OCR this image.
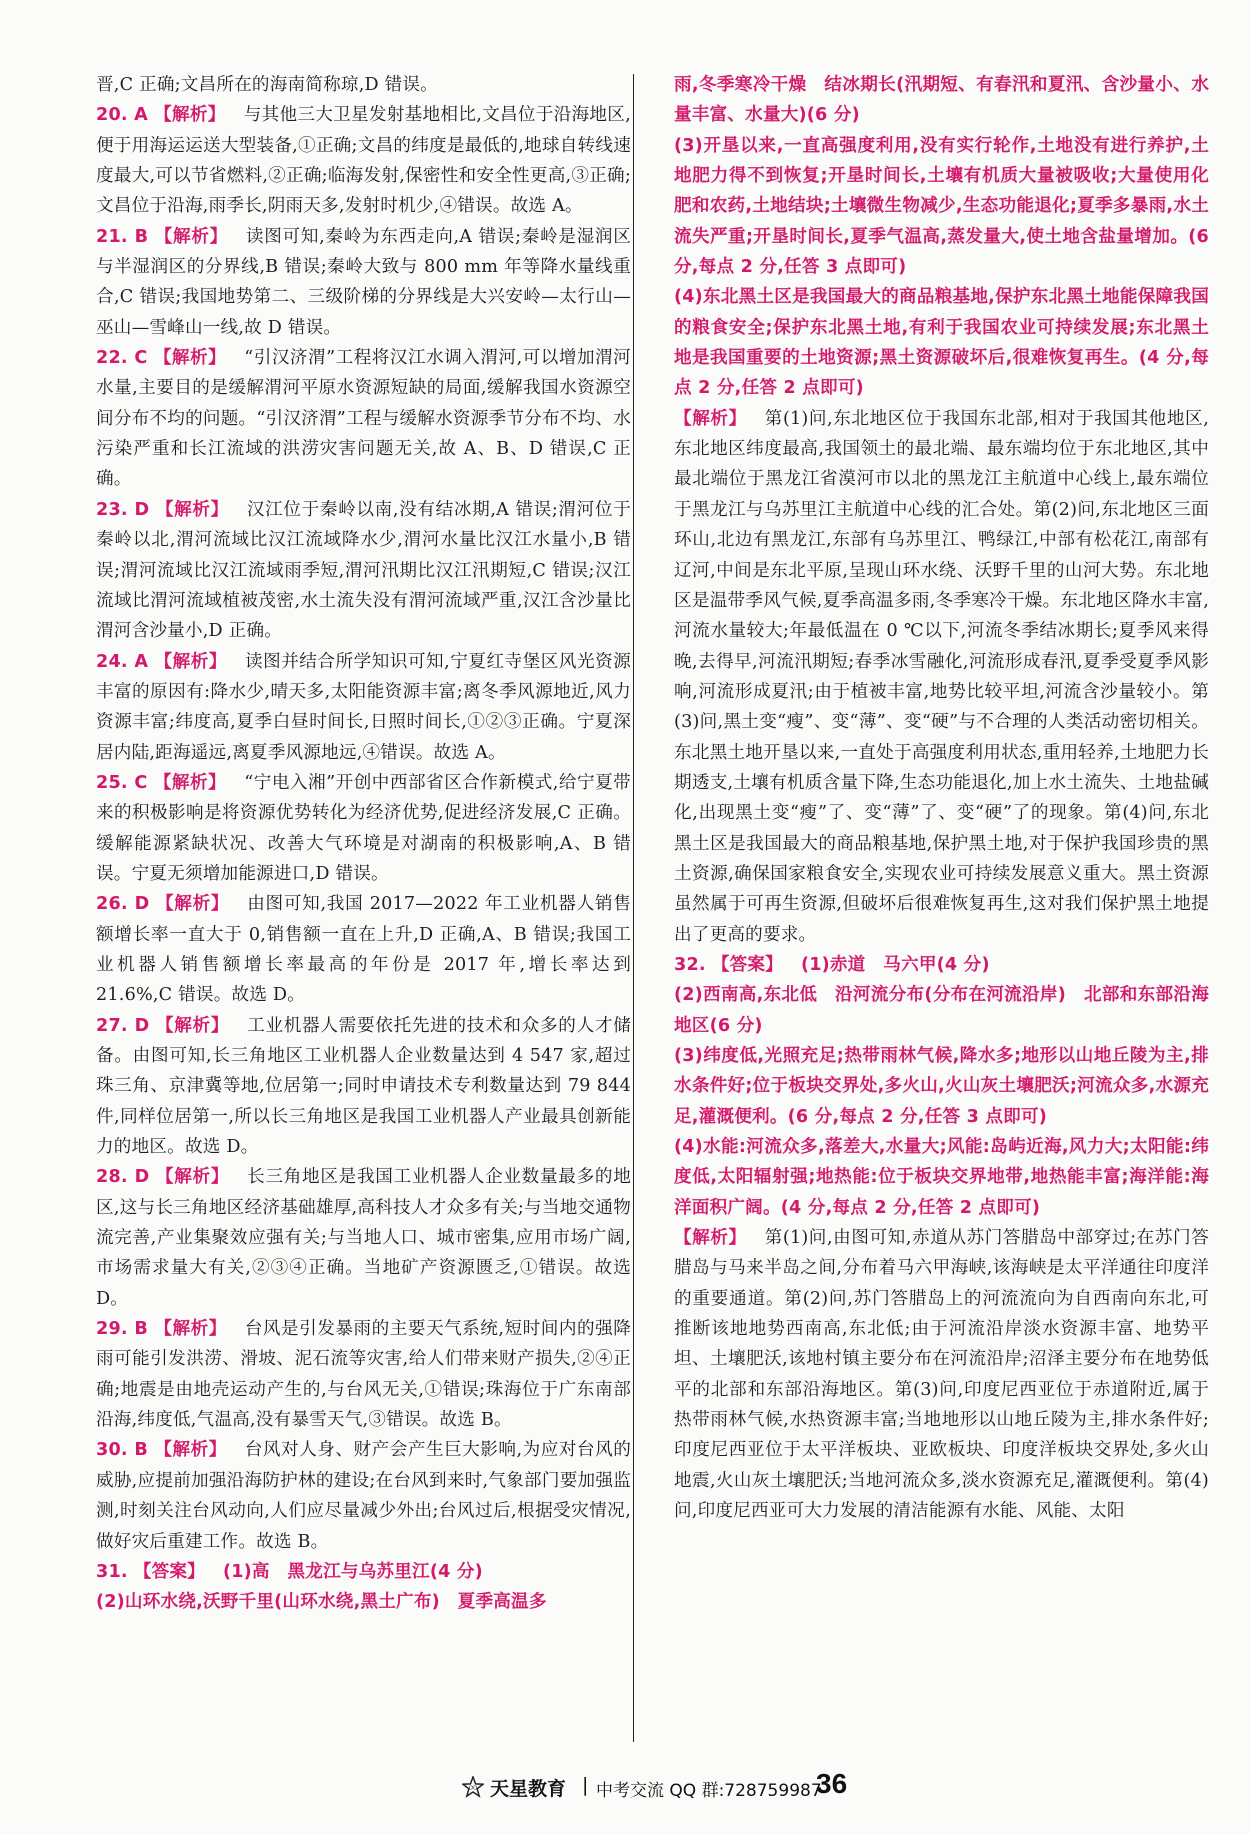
晋,C 正确;文昌所在的海南简称琼,D 错误。

20. A 【解析】 与其他三大卫星发射基地相比,文昌位于沿海地区,便于用海运运送大型装备,①正确;文昌的纬度是最低的,地球自转线速度最大,可以节省燃料,②正确;临海发射,保密性和安全性更高,③正确;文昌位于沿海,雨季长,阴雨天多,发射时机少,④错误。故选 A。

21. B 【解析】 读图可知,秦岭为东西走向,A 错误;秦岭是湿润区与半湿润区的分界线,B 错误;秦岭大致与 800 mm 年等降水量线重合,C 错误;我国地势第二、三级阶梯的分界线是大兴安岭—太行山—巫山—雪峰山一线,故 D 错误。

22. C 【解析】 “引汉济渭”工程将汉江水调入渭河,可以增加渭河水量,主要目的是缓解渭河平原水资源短缺的局面,缓解我国水资源空间分布不均的问题。“引汉济渭”工程与缓解水资源季节分布不均、水污染严重和长江流域的洪涝灾害问题无关,故 A、B、D 错误,C 正确。

23. D 【解析】 汉江位于秦岭以南,没有结冰期,A 错误;渭河位于秦岭以北,渭河流域比汉江流域降水少,渭河水量比汉江水量小,B 错误;渭河流域比汉江流域雨季短,渭河汛期比汉江汛期短,C 错误;汉江流域比渭河流域植被茂密,水土流失没有渭河流域严重,汉江含沙量比渭河含沙量小,D 正确。

24. A 【解析】 读图并结合所学知识可知,宁夏红寺堡区风光资源丰富的原因有:降水少,晴天多,太阳能资源丰富;离冬季风源地近,风力资源丰富;纬度高,夏季白昼时间长,日照时间长,①②③正确。宁夏深居内陆,距海遥远,离夏季风源地远,④错误。故选 A。

25. C 【解析】 “宁电入湘”开创中西部省区合作新模式,给宁夏带来的积极影响是将资源优势转化为经济优势,促进经济发展,C 正确。缓解能源紧缺状况、改善大气环境是对湖南的积极影响,A、B 错误。宁夏无须增加能源进口,D 错误。

26. D 【解析】 由图可知,我国 2017—2022 年工业机器人销售额增长率一直大于 0,销售额一直在上升,D 正确,A、B 错误;我国工业机器人销售额增长率最高的年份是 2017 年,增长率达到 21.6%,C 错误。故选 D。

27. D 【解析】 工业机器人需要依托先进的技术和众多的人才储备。由图可知,长三角地区工业机器人企业数量达到 4 547 家,超过珠三角、京津冀等地,位居第一;同时申请技术专利数量达到 79 844 件,同样位居第一,所以长三角地区是我国工业机器人产业最具创新能力的地区。故选 D。

28. D 【解析】 长三角地区是我国工业机器人企业数量最多的地区,这与长三角地区经济基础雄厚,高科技人才众多有关;与当地交通物流完善,产业集聚效应强有关;与当地人口、城市密集,应用市场广阔,市场需求量大有关,②③④正确。当地矿产资源匮乏,①错误。故选 D。

29. B 【解析】 台风是引发暴雨的主要天气系统,短时间内的强降雨可能引发洪涝、滑坡、泥石流等灾害,给人们带来财产损失,②④正确;地震是由地壳运动产生的,与台风无关,①错误;珠海位于广东南部沿海,纬度低,气温高,没有暴雪天气,③错误。故选 B。

30. B 【解析】 台风对人身、财产会产生巨大影响,为应对台风的威胁,应提前加强沿海防护林的建设;在台风到来时,气象部门要加强监测,时刻关注台风动向,人们应尽量减少外出;台风过后,根据受灾情况,做好灾后重建工作。故选 B。

31. 【答案】 (1)高　黑龙江与乌苏里江(4 分)

(2)山环水绕,沃野千里(山环水绕,黑土广布)　夏季高温多

雨,冬季寒冷干燥　结冰期长(汛期短、有春汛和夏汛、含沙量小、水量丰富、水量大)(6 分)

(3)开垦以来,一直高强度利用,没有实行轮作,土地没有进行养护,土地肥力得不到恢复;开垦时间长,土壤有机质大量被吸收;大量使用化肥和农药,土地结块;土壤微生物减少,生态功能退化;夏季多暴雨,水土流失严重;开垦时间长,夏季气温高,蒸发量大,使土地含盐量增加。(6 分,每点 2 分,任答 3 点即可)

(4)东北黑土区是我国最大的商品粮基地,保护东北黑土地能保障我国的粮食安全;保护东北黑土地,有利于我国农业可持续发展;东北黑土地是我国重要的土地资源;黑土资源破坏后,很难恢复再生。(4 分,每点 2 分,任答 2 点即可)

【解析】 第(1)问,东北地区位于我国东北部,相对于我国其他地区,东北地区纬度最高,我国领土的最北端、最东端均位于东北地区,其中最北端位于黑龙江省漠河市以北的黑龙江主航道中心线上,最东端位于黑龙江与乌苏里江主航道中心线的汇合处。第(2)问,东北地区三面环山,北边有黑龙江,东部有乌苏里江、鸭绿江,中部有松花江,南部有辽河,中间是东北平原,呈现山环水绕、沃野千里的山河大势。东北地区是温带季风气候,夏季高温多雨,冬季寒冷干燥。东北地区降水丰富,河流水量较大;年最低温在 0 ℃以下,河流冬季结冰期长;夏季风来得晚,去得早,河流汛期短;春季冰雪融化,河流形成春汛,夏季受夏季风影响,河流形成夏汛;由于植被丰富,地势比较平坦,河流含沙量较小。第(3)问,黑土变“瘦”、变“薄”、变“硬”与不合理的人类活动密切相关。东北黑土地开垦以来,一直处于高强度利用状态,重用轻养,土地肥力长期透支,土壤有机质含量下降,生态功能退化,加上水土流失、土地盐碱化,出现黑土变“瘦”了、变“薄”了、变“硬”了的现象。第(4)问,东北黑土区是我国最大的商品粮基地,保护黑土地,对于保护我国珍贵的黑土资源,确保国家粮食安全,实现农业可持续发展意义重大。黑土资源虽然属于可再生资源,但破坏后很难恢复再生,这对我们保护黑土地提出了更高的要求。

32. 【答案】 (1)赤道　马六甲(4 分)

(2)西南高,东北低　沿河流分布(分布在河流沿岸)　北部和东部沿海地区(6 分)

(3)纬度低,光照充足;热带雨林气候,降水多;地形以山地丘陵为主,排水条件好;位于板块交界处,多火山,火山灰土壤肥沃;河流众多,水源充足,灌溉便利。(6 分,每点 2 分,任答 3 点即可)

(4)水能:河流众多,落差大,水量大;风能:岛屿近海,风力大;太阳能:纬度低,太阳辐射强;地热能:位于板块交界地带,地热能丰富;海洋能:海洋面积广阔。(4 分,每点 2 分,任答 2 点即可)

【解析】 第(1)问,由图可知,赤道从苏门答腊岛中部穿过;在苏门答腊岛与马来半岛之间,分布着马六甲海峡,该海峡是太平洋通往印度洋的重要通道。第(2)问,苏门答腊岛上的河流流向为自西南向东北,可推断该地地势西南高,东北低;由于河流沿岸淡水资源丰富、地势平坦、土壤肥沃,该地村镇主要分布在河流沿岸;沼泽主要分布在地势低平的北部和东部沿海地区。第(3)问,印度尼西亚位于赤道附近,属于热带雨林气候,水热资源丰富;当地地形以山地丘陵为主,排水条件好;印度尼西亚位于太平洋板块、亚欧板块、印度洋板块交界处,多火山地震,火山灰土壤肥沃;当地河流众多,淡水资源充足,灌溉便利。第(4)问,印度尼西亚可大力发展的清洁能源有水能、风能、太阳

OO 天星教育 | 中考交流 QQ 群:728759987
36
